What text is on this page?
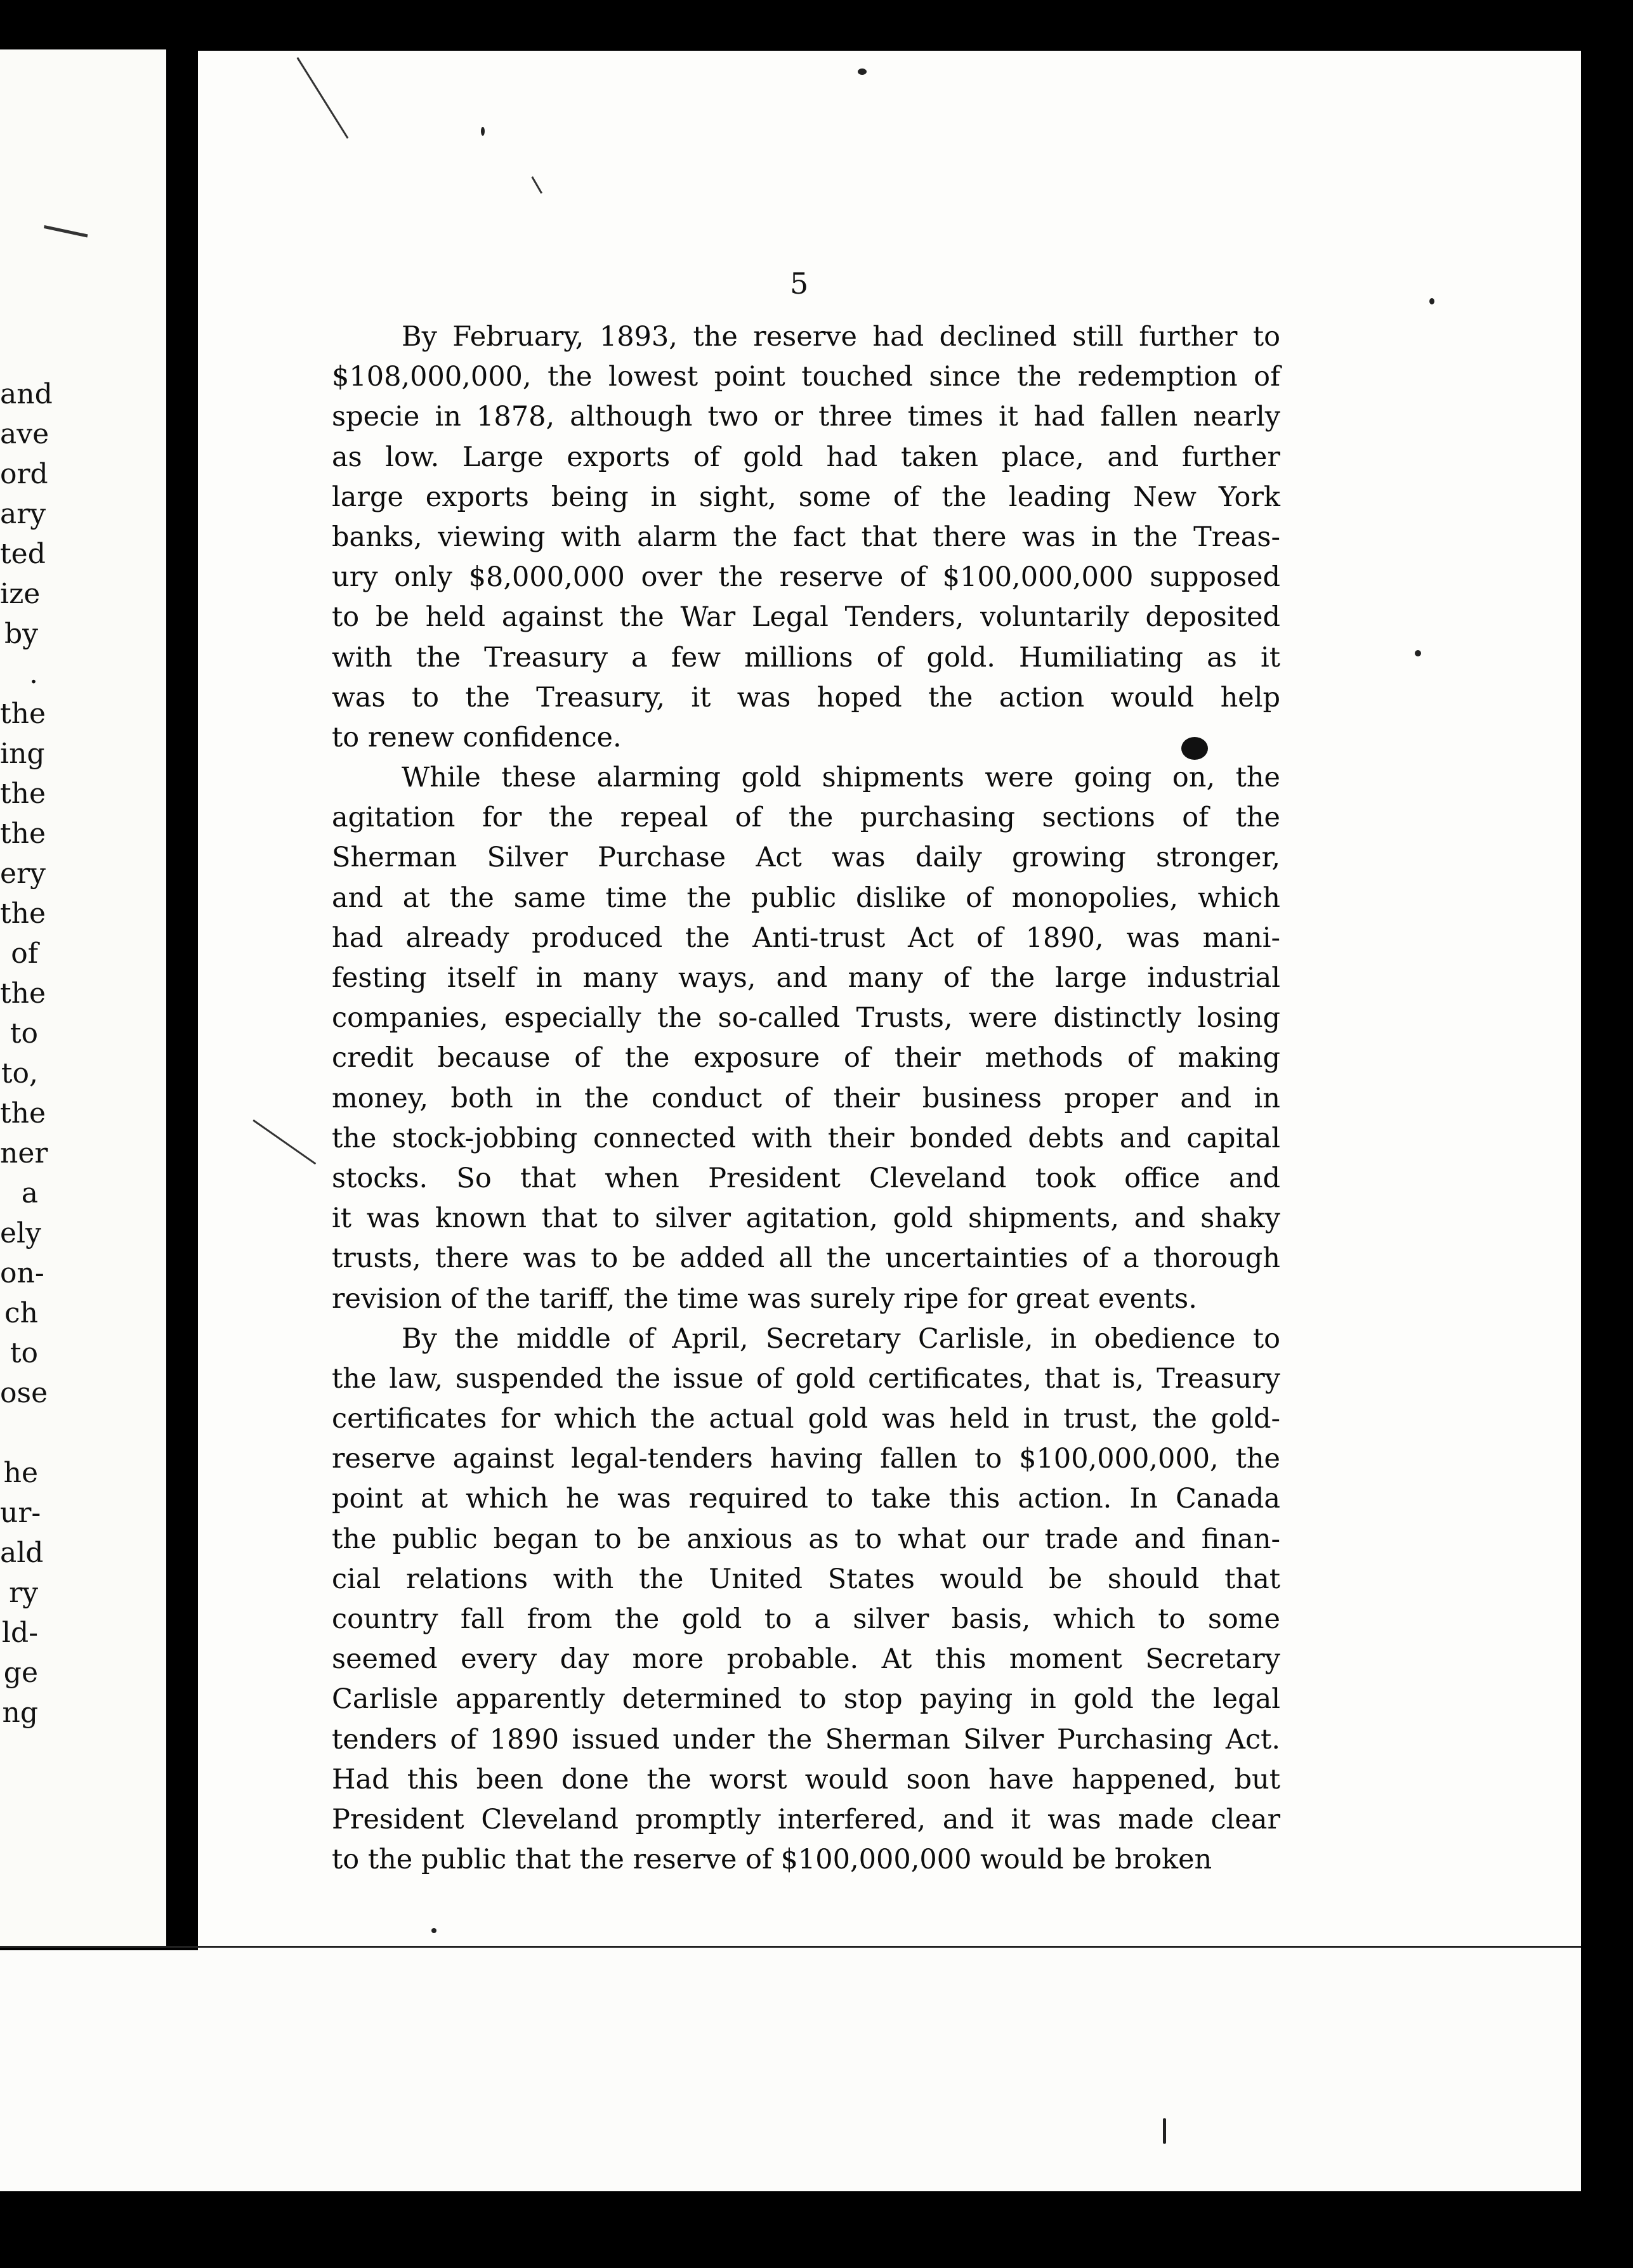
and
ave
ord
ary
ted
ize
by
.
the
ing
the
the
ery
the
of
the
to
to,
the
ner
a
ely
on-
ch
to
ose
he
ur-
ald
ry
ld-
ge
ng
5
By February, 1893, the reserve had declined still further to
$108,000,000, the lowest point touched since the redemption of
specie in 1878, although two or three times it had fallen nearly
as low. Large exports of gold had taken place, and further
large exports being in sight, some of the leading New York
banks, viewing with alarm the fact that there was in the Treas-
ury only $8,000,000 over the reserve of $100,000,000 supposed
to be held against the War Legal Tenders, voluntarily deposited
with the Treasury a few millions of gold. Humiliating as it
was to the Treasury, it was hoped the action would help
to renew confidence.
While these alarming gold shipments were going on, the
agitation for the repeal of the purchasing sections of the
Sherman Silver Purchase Act was daily growing stronger,
and at the same time the public dislike of monopolies, which
had already produced the Anti-trust Act of 1890, was mani-
festing itself in many ways, and many of the large industrial
companies, especially the so-called Trusts, were distinctly losing
credit because of the exposure of their methods of making
money, both in the conduct of their business proper and in
the stock-jobbing connected with their bonded debts and capital
stocks. So that when President Cleveland took office and
it was known that to silver agitation, gold shipments, and shaky
trusts, there was to be added all the uncertainties of a thorough
revision of the tariff, the time was surely ripe for great events.
By the middle of April, Secretary Carlisle, in obedience to
the law, suspended the issue of gold certificates, that is, Treasury
certificates for which the actual gold was held in trust, the gold-
reserve against legal-tenders having fallen to $100,000,000, the
point at which he was required to take this action. In Canada
the public began to be anxious as to what our trade and finan-
cial relations with the United States would be should that
country fall from the gold to a silver basis, which to some
seemed every day more probable. At this moment Secretary
Carlisle apparently determined to stop paying in gold the legal
tenders of 1890 issued under the Sherman Silver Purchasing Act.
Had this been done the worst would soon have happened, but
President Cleveland promptly interfered, and it was made clear
to the public that the reserve of $100,000,000 would be broken
